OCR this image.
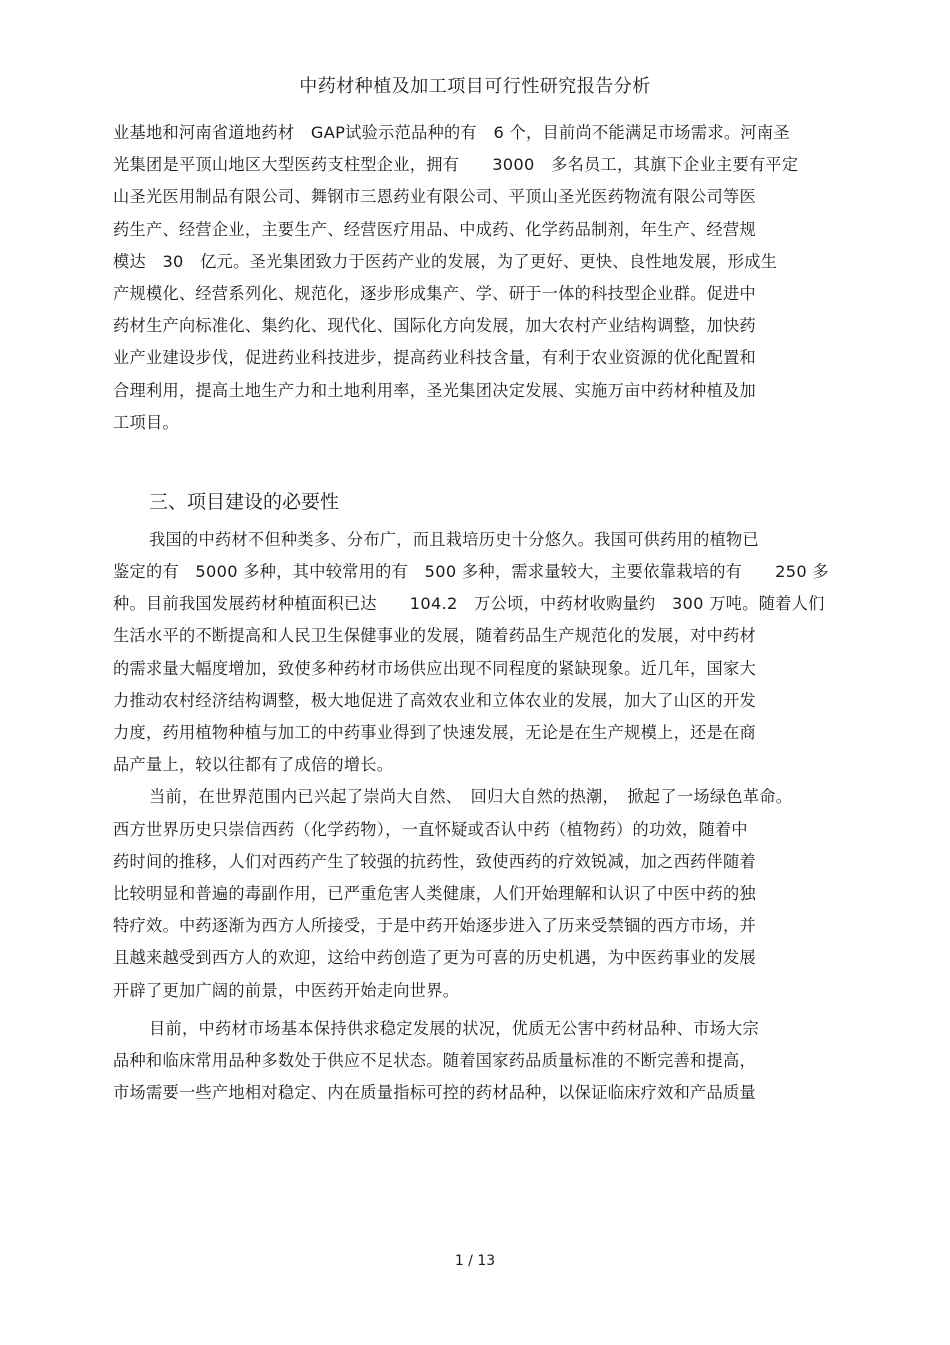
中药材种植及加工项目可行性研究报告分析
业基地和河南省道地药材　GAP试验示范品种的有　6 个，目前尚不能满足市场需求。河南圣
光集团是平顶山地区大型医药支柱型企业，拥有　　3000　多名员工，其旗下企业主要有平定
山圣光医用制品有限公司、舞钢市三恩药业有限公司、平顶山圣光医药物流有限公司等医
药生产、经营企业，主要生产、经营医疗用品、中成药、化学药品制剂，年生产、经营规
模达　30　亿元。圣光集团致力于医药产业的发展，为了更好、更快、良性地发展，形成生
产规模化、经营系列化、规范化，逐步形成集产、学、研于一体的科技型企业群。促进中
药材生产向标准化、集约化、现代化、国际化方向发展，加大农村产业结构调整，加快药
业产业建设步伐，促进药业科技进步，提高药业科技含量，有利于农业资源的优化配置和
合理利用，提高土地生产力和土地利用率，圣光集团决定发展、实施万亩中药材种植及加
工项目。
三、项目建设的必要性
我国的中药材不但种类多、分布广，而且栽培历史十分悠久。我国可供药用的植物已
鉴定的有　5000 多种，其中较常用的有　500 多种，需求量较大，主要依靠栽培的有　　250 多
种。目前我国发展药材种植面积已达　　104.2　万公顷，中药材收购量约　300 万吨。随着人们
生活水平的不断提高和人民卫生保健事业的发展，随着药品生产规范化的发展，对中药材
的需求量大幅度增加，致使多种药材市场供应出现不同程度的紧缺现象。近几年，国家大
力推动农村经济结构调整，极大地促进了高效农业和立体农业的发展，加大了山区的开发
力度，药用植物种植与加工的中药事业得到了快速发展，无论是在生产规模上，还是在商
品产量上，较以往都有了成倍的增长。
当前，在世界范围内已兴起了崇尚大自然、　回归大自然的热潮，　掀起了一场绿色革命。
西方世界历史只崇信西药（化学药物），一直怀疑或否认中药（植物药）的功效，随着中
药时间的推移，人们对西药产生了较强的抗药性，致使西药的疗效锐减，加之西药伴随着
比较明显和普遍的毒副作用，已严重危害人类健康，人们开始理解和认识了中医中药的独
特疗效。中药逐渐为西方人所接受，于是中药开始逐步进入了历来受禁锢的西方市场，并
且越来越受到西方人的欢迎，这给中药创造了更为可喜的历史机遇，为中医药事业的发展
开辟了更加广阔的前景，中医药开始走向世界。
目前，中药材市场基本保持供求稳定发展的状况，优质无公害中药材品种、市场大宗
品种和临床常用品种多数处于供应不足状态。随着国家药品质量标准的不断完善和提高，
市场需要一些产地相对稳定、内在质量指标可控的药材品种，以保证临床疗效和产品质量
1 / 13
